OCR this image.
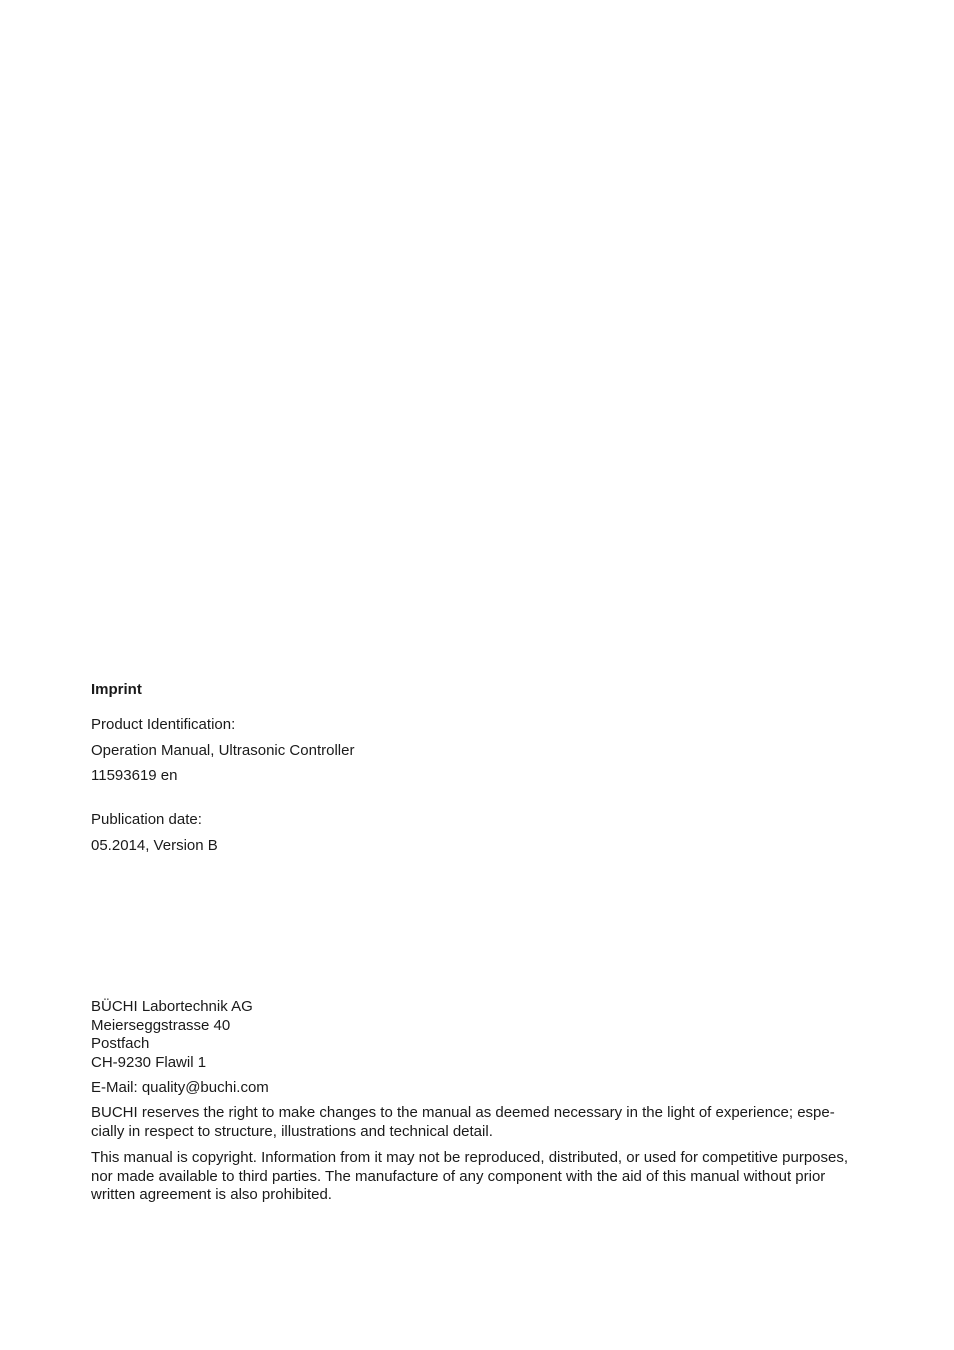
Imprint
Product Identification:
Operation Manual, Ultrasonic Controller
11593619 en
Publication date:
05.2014, Version B
BÜCHI Labortechnik AG
Meierseggstrasse 40
Postfach
CH-9230 Flawil 1
E-Mail: quality@buchi.com
BUCHI reserves the right to make changes to the manual as deemed necessary in the light of experience; espe-
cially in respect to structure, illustrations and technical detail.
This manual is copyright. Information from it may not be reproduced, distributed, or used for competitive purposes,
nor made available to third parties. The manufacture of any component with the aid of this manual without prior
written agreement is also prohibited.
